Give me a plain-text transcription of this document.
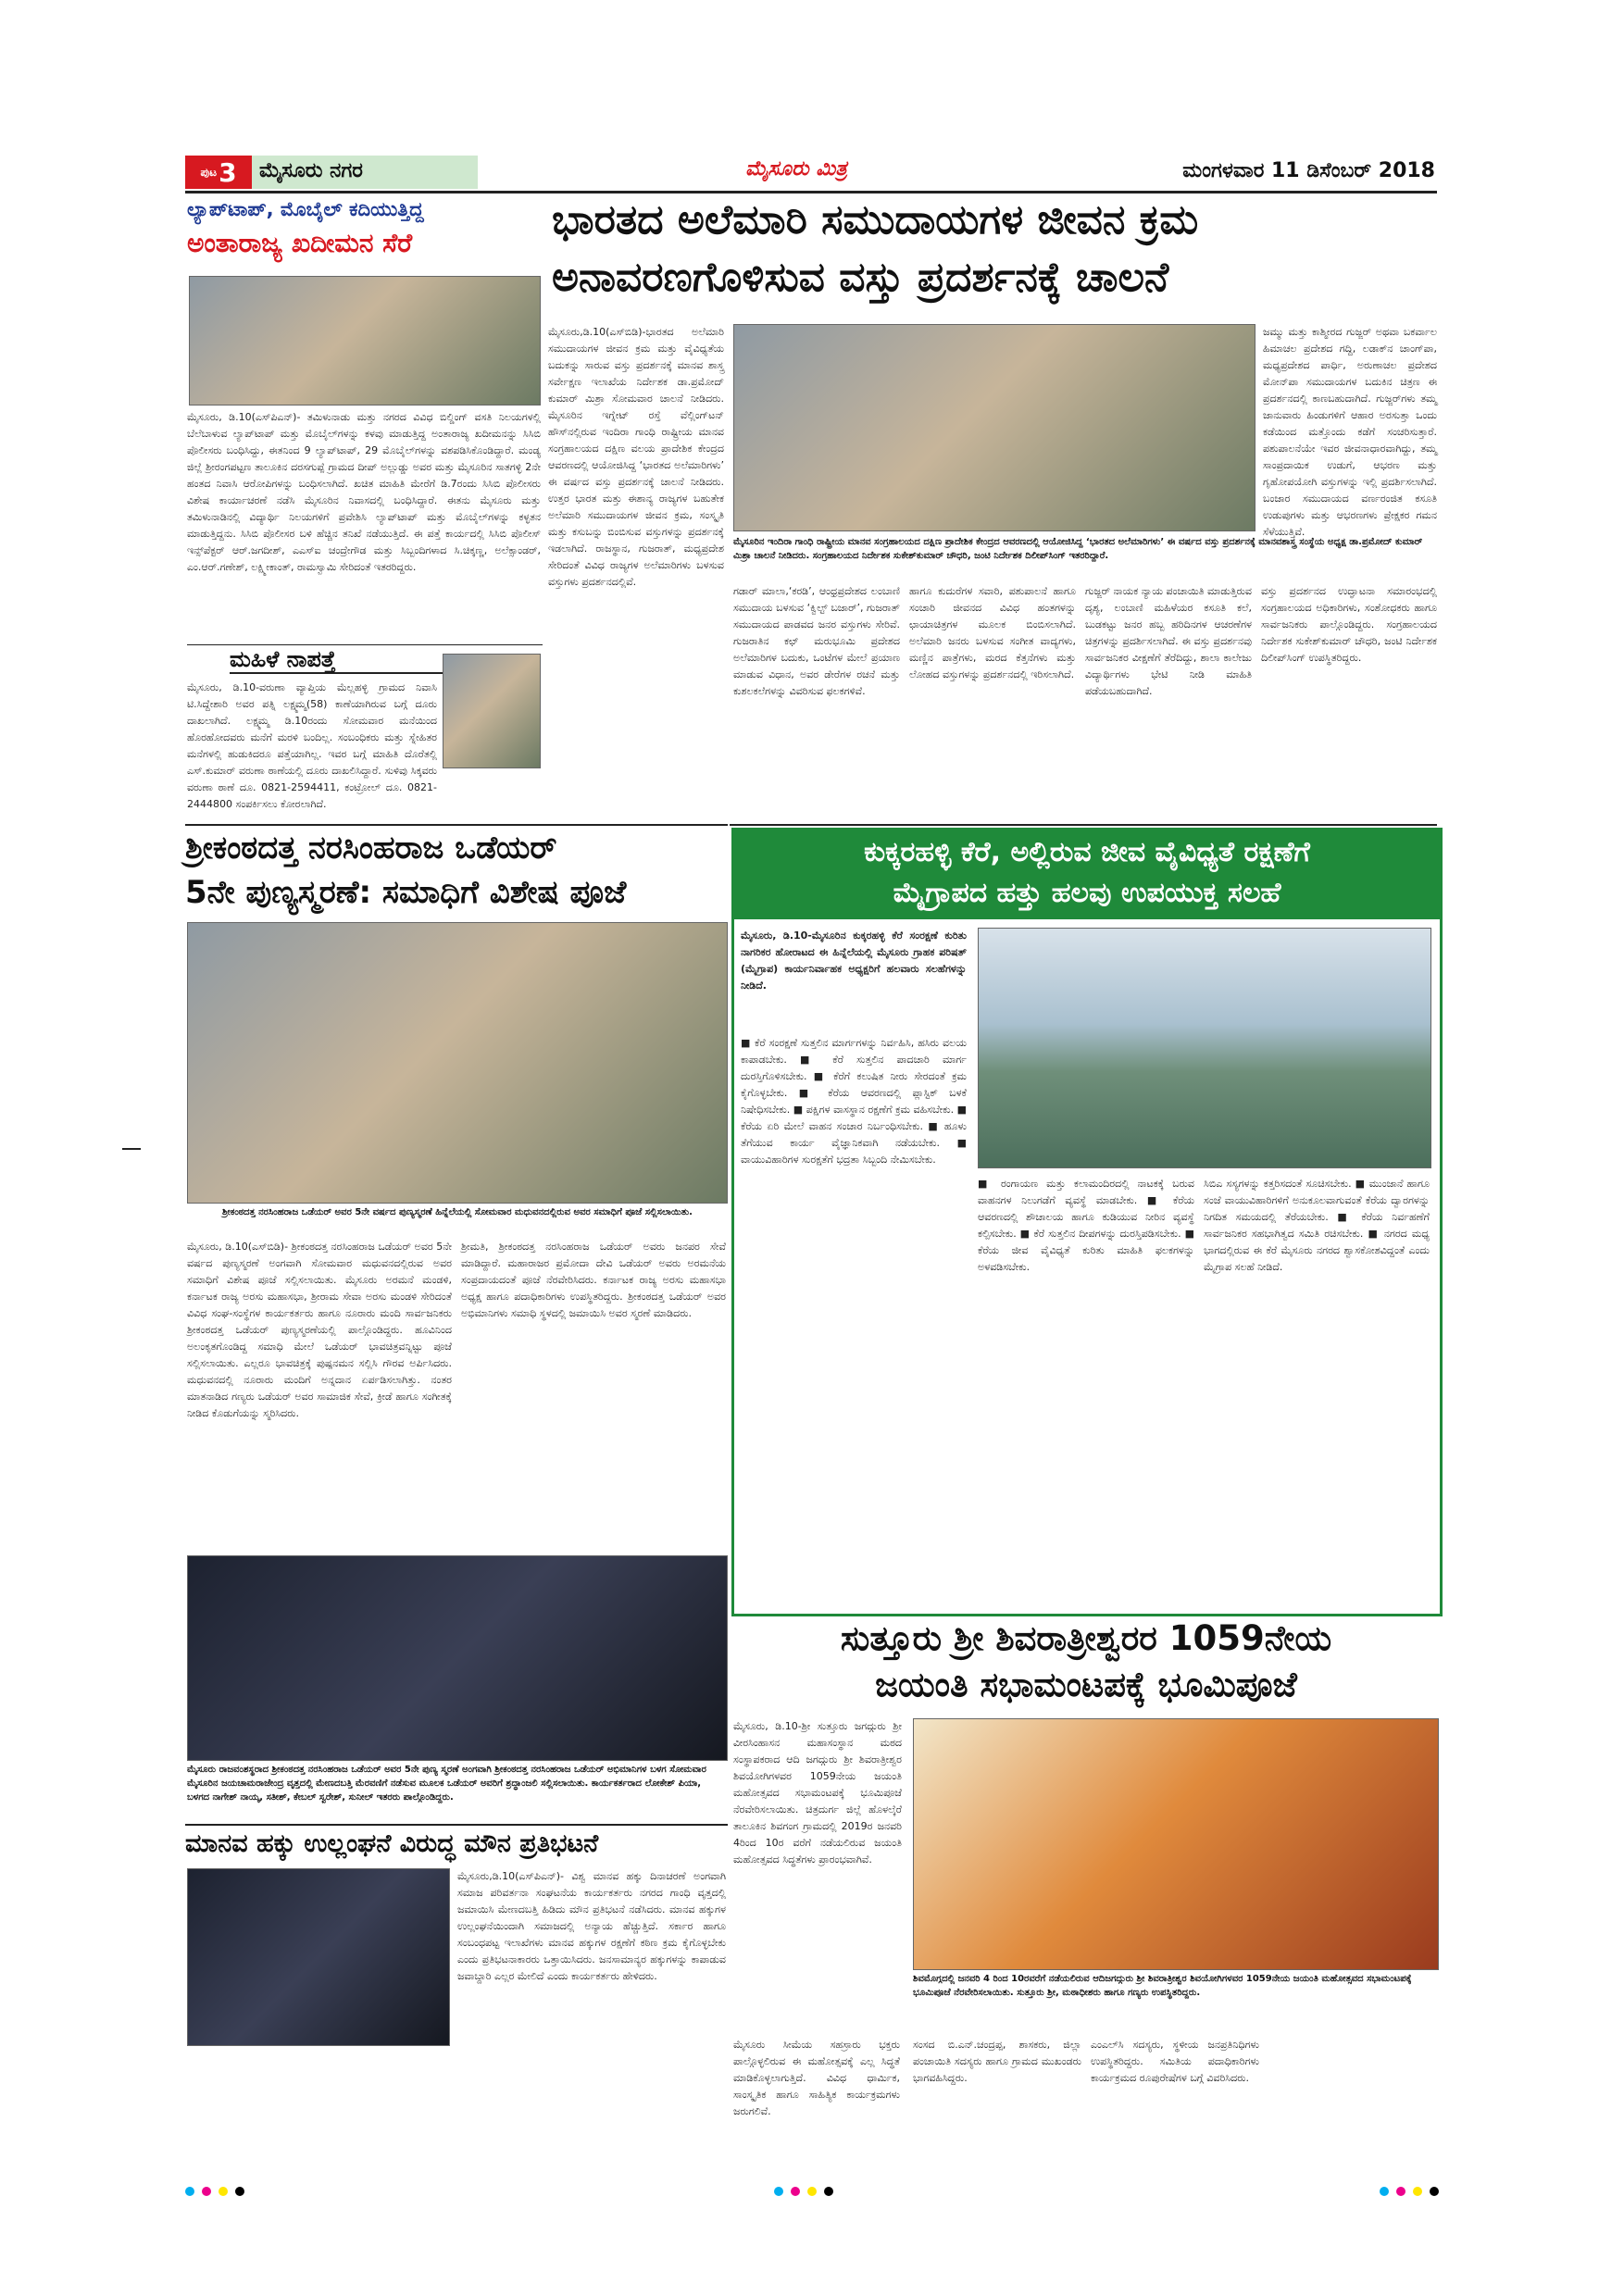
ಪುಟ 3 ಮೈಸೂರು ನಗರ	ಮೈಸೂರು ಮಿತ್ರ	ಮಂಗಳವಾರ 11 ಡಿಸೆಂಬರ್ 2018
ಲ್ಯಾಪ್‌ಟಾಪ್, ಮೊಬೈಲ್ ಕದಿಯುತ್ತಿದ್ದ
ಅಂತಾರಾಜ್ಯ ಖದೀಮನ ಸೆರೆ
ಮೈಸೂರು, ಡಿ.10(ಎಸ್‌ಪಿಎನ್)- ತಮಿಳುನಾಡು ಮತ್ತು ನಗರದ ವಿವಿಧ ಬಿಲ್ಡಿಂಗ್ ವಸತಿ ನಿಲಯಗಳಲ್ಲಿ ಬೆಲೆಬಾಳುವ ಲ್ಯಾಪ್‌ಟಾಪ್ ಮತ್ತು ಮೊಬೈಲ್‌ಗಳನ್ನು ಕಳವು ಮಾಡುತ್ತಿದ್ದ ಅಂತಾರಾಜ್ಯ ಖದೀಮನನ್ನು ಸಿಸಿಬಿ ಪೊಲೀಸರು ಬಂಧಿಸಿದ್ದು, ಈತನಿಂದ 9 ಲ್ಯಾಪ್‌ಟಾಪ್, 29 ಮೊಬೈಲ್‌ಗಳನ್ನು ವಶಪಡಿಸಿಕೊಂಡಿದ್ದಾರೆ. ಮಂಡ್ಯ ಜಿಲ್ಲೆ ಶ್ರೀರಂಗಪಟ್ಟಣ ತಾಲೂಕಿನ ದರಸಗುಪ್ಪೆ ಗ್ರಾಮದ ದೀಪ್ ಅಲ್ಲುಡ್ಡು ಅವರ ಮತ್ತು ಮೈಸೂರಿನ ಸಾತಗಳ್ಳಿ 2ನೇ ಹಂತದ ನಿವಾಸಿ ಆರೋಪಿಗಳನ್ನು ಬಂಧಿಸಲಾಗಿದೆ. ಖಚಿತ ಮಾಹಿತಿ ಮೇರೆಗೆ ಡಿ.7ರಂದು ಸಿಸಿಬಿ ಪೊಲೀಸರು ವಿಶೇಷ ಕಾರ್ಯಾಚರಣೆ ನಡೆಸಿ ಮೈಸೂರಿನ ನಿವಾಸದಲ್ಲಿ ಬಂಧಿಸಿದ್ದಾರೆ. ಈತನು ಮೈಸೂರು ಮತ್ತು ತಮಿಳುನಾಡಿನಲ್ಲಿ ವಿದ್ಯಾರ್ಥಿ ನಿಲಯಗಳಿಗೆ ಪ್ರವೇಶಿಸಿ ಲ್ಯಾಪ್‌ಟಾಪ್ ಮತ್ತು ಮೊಬೈಲ್‌ಗಳನ್ನು ಕಳ್ಳತನ ಮಾಡುತ್ತಿದ್ದನು. ಸಿಸಿಬಿ ಪೊಲೀಸರ ಬಳಿ ಹೆಚ್ಚಿನ ತನಿಖೆ ನಡೆಯುತ್ತಿದೆ. ಈ ಪತ್ತೆ ಕಾರ್ಯದಲ್ಲಿ ಸಿಸಿಬಿ ಪೊಲೀಸ್ ಇನ್ಸ್‌ಪೆಕ್ಟರ್ ಆರ್.ಜಗದೀಶ್, ಎಎಸ್‌ಐ ಚಂದ್ರೇಗೌಡ ಮತ್ತು ಸಿಬ್ಬಂದಿಗಳಾದ ಸಿ.ಚಿಕ್ಕಣ್ಣ, ಅಲೆಕ್ಸಾಂಡರ್, ಎಂ.ಆರ್.ಗಣೇಶ್, ಲಕ್ಷ್ಮೀಕಾಂತ್, ರಾಮಸ್ವಾಮಿ ಸೇರಿದಂತೆ ಇತರರಿದ್ದರು.
ಮಹಿಳೆ ನಾಪತ್ತೆ
ಮೈಸೂರು, ಡಿ.10-ವರುಣಾ ವ್ಯಾಪ್ತಿಯ ಮೆಲ್ಲಹಳ್ಳಿ ಗ್ರಾಮದ ನಿವಾಸಿ ಟಿ.ಸಿದ್ದೇಶಾರಿ ಅವರ ಪತ್ನಿ ಲಕ್ಷ್ಮಮ್ಮ(58) ಕಾಣೆಯಾಗಿರುವ ಬಗ್ಗೆ ದೂರು ದಾಖಲಾಗಿದೆ. ಲಕ್ಷ್ಮಮ್ಮ ಡಿ.10ರಂದು ಸೋಮವಾರ ಮನೆಯಿಂದ ಹೊರಹೋದವರು ಮನೆಗೆ ಮರಳಿ ಬಂದಿಲ್ಲ. ಸಂಬಂಧಿಕರು ಮತ್ತು ಸ್ನೇಹಿತರ ಮನೆಗಳಲ್ಲಿ ಹುಡುಕಿದರೂ ಪತ್ತೆಯಾಗಿಲ್ಲ. ಇವರ ಬಗ್ಗೆ ಮಾಹಿತಿ ದೊರೆತಲ್ಲಿ ಎಸ್.ಕುಮಾರ್ ವರುಣಾ ಠಾಣೆಯಲ್ಲಿ ದೂರು ದಾಖಲಿಸಿದ್ದಾರೆ. ಸುಳಿವು ಸಿಕ್ಕವರು ವರುಣಾ ಠಾಣೆ ದೂ. 0821-2594411, ಕಂಟ್ರೋಲ್ ದೂ. 0821-2444800 ಸಂಪರ್ಕಿಸಲು ಕೋರಲಾಗಿದೆ.
ಭಾರತದ ಅಲೆಮಾರಿ ಸಮುದಾಯಗಳ ಜೀವನ ಕ್ರಮ
ಅನಾವರಣಗೊಳಿಸುವ ವಸ್ತು ಪ್ರದರ್ಶನಕ್ಕೆ ಚಾಲನೆ
ಮೈಸೂರು,ಡಿ.10(ಎಸ್‌ಬಿಡಿ)-ಭಾರತದ ಅಲೆಮಾರಿ ಸಮುದಾಯಗಳ ಜೀವನ ಕ್ರಮ ಮತ್ತು ವೈವಿಧ್ಯತೆಯ ಬದುಕನ್ನು ಸಾರುವ ವಸ್ತು ಪ್ರದರ್ಶನಕ್ಕೆ ಮಾನವ ಶಾಸ್ತ್ರ ಸರ್ವೇಕ್ಷಣ ಇಲಾಖೆಯ ನಿರ್ದೇಶಕ ಡಾ.ಪ್ರಮೋದ್ ಕುಮಾರ್ ಮಿಶ್ರಾ ಸೋಮವಾರ ಚಾಲನೆ ನೀಡಿದರು. ಮೈಸೂರಿನ ಇಗ್ನೇಟ್ ರಸ್ತೆ ವೆಲ್ಲಿಂಗ್‌ಟನ್ ಹೌಸ್‌ನಲ್ಲಿರುವ ಇಂದಿರಾ ಗಾಂಧಿ ರಾಷ್ಟ್ರೀಯ ಮಾನವ ಸಂಗ್ರಹಾಲಯದ ದಕ್ಷಿಣ ವಲಯ ಪ್ರಾದೇಶಿಕ ಕೇಂದ್ರದ ಆವರಣದಲ್ಲಿ ಆಯೋಜಿಸಿದ್ದ ‘ಭಾರತದ ಅಲೆಮಾರಿಗಳು’ ಈ ವರ್ಷದ ವಸ್ತು ಪ್ರದರ್ಶನಕ್ಕೆ ಚಾಲನೆ ನೀಡಿದರು. ಉತ್ತರ ಭಾರತ ಮತ್ತು ಈಶಾನ್ಯ ರಾಜ್ಯಗಳ ಬಹುತೇಕ ಅಲೆಮಾರಿ ಸಮುದಾಯಗಳ ಜೀವನ ಕ್ರಮ, ಸಂಸ್ಕೃತಿ ಮತ್ತು ಕಸುಬನ್ನು ಬಿಂಬಿಸುವ ವಸ್ತುಗಳನ್ನು ಪ್ರದರ್ಶನಕ್ಕೆ ಇಡಲಾಗಿದೆ. ರಾಜಸ್ಥಾನ, ಗುಜರಾತ್, ಮಧ್ಯಪ್ರದೇಶ ಸೇರಿದಂತೆ ವಿವಿಧ ರಾಜ್ಯಗಳ ಅಲೆಮಾರಿಗಳು ಬಳಸುವ ವಸ್ತುಗಳು ಪ್ರದರ್ಶನದಲ್ಲಿವೆ.
ಜಮ್ಮು ಮತ್ತು ಕಾಶ್ಮೀರದ ಗುಜ್ಜರ್ ಅಥವಾ ಬಕರ್ವಾಲ ಹಿಮಾಚಲ ಪ್ರದೇಶದ ಗದ್ದಿ, ಲಡಾಕ್‌ನ ಚಾಂಗ್‌ಪಾ, ಮಧ್ಯಪ್ರದೇಶದ ಪಾರ್ಧಿ, ಅರುಣಾಚಲ ಪ್ರದೇಶದ ಮೋನ್‌ಪಾ ಸಮುದಾಯಗಳ ಬದುಕಿನ ಚಿತ್ರಣ ಈ ಪ್ರದರ್ಶನದಲ್ಲಿ ಕಾಣಬಹುದಾಗಿದೆ. ಗುಜ್ಜರ್‌ಗಳು ತಮ್ಮ ಜಾನುವಾರು ಹಿಂಡುಗಳಿಗೆ ಆಹಾರ ಅರಸುತ್ತಾ ಒಂದು ಕಡೆಯಿಂದ ಮತ್ತೊಂದು ಕಡೆಗೆ ಸಂಚರಿಸುತ್ತಾರೆ. ಪಶುಪಾಲನೆಯೇ ಇವರ ಜೀವನಾಧಾರವಾಗಿದ್ದು, ತಮ್ಮ ಸಾಂಪ್ರದಾಯಿಕ ಉಡುಗೆ, ಆಭರಣ ಮತ್ತು ಗೃಹೋಪಯೋಗಿ ವಸ್ತುಗಳನ್ನು ಇಲ್ಲಿ ಪ್ರದರ್ಶಿಸಲಾಗಿದೆ. ಬಂಜಾರ ಸಮುದಾಯದ ವರ್ಣರಂಜಿತ ಕಸೂತಿ ಉಡುಪುಗಳು ಮತ್ತು ಆಭರಣಗಳು ಪ್ರೇಕ್ಷಕರ ಗಮನ ಸೆಳೆಯುತ್ತಿವೆ.
ಮೈಸೂರಿನ ಇಂದಿರಾ ಗಾಂಧಿ ರಾಷ್ಟ್ರೀಯ ಮಾನವ ಸಂಗ್ರಹಾಲಯದ ದಕ್ಷಿಣ ಪ್ರಾದೇಶಿಕ ಕೇಂದ್ರದ ಆವರಣದಲ್ಲಿ ಆಯೋಜಿಸಿದ್ದ ‘ಭಾರತದ ಅಲೆಮಾರಿಗಳು’ ಈ ವರ್ಷದ ವಸ್ತು ಪ್ರದರ್ಶನಕ್ಕೆ ಮಾನವಶಾಸ್ತ್ರ ಸಂಸ್ಥೆಯ ಅಧ್ಯಕ್ಷ ಡಾ.ಪ್ರಮೋದ್ ಕುಮಾರ್ ಮಿಶ್ರಾ ಚಾಲನೆ ನೀಡಿದರು. ಸಂಗ್ರಹಾಲಯದ ನಿರ್ದೇಶಕ ಸುಕೇಶ್‌ಕುಮಾರ್ ಚೌಧರಿ, ಜಂಟಿ ನಿರ್ದೇಶಕ ದಿಲೀಪ್‌ಸಿಂಗ್ ಇತರರಿದ್ದಾರೆ.
ಗಡಾರ್ ಮಾಲಾ,‘ಕರಡಿ’, ಆಂಧ್ರಪ್ರದೇಶದ ಲಂಬಾಣಿ ಸಮುದಾಯ ಬಳಸುವ ‘ಕ್ವಿಲ್ಟ್ ಬಜಾರ್’, ಗುಜರಾತ್ ಸಮುದಾಯದ ಪಾಡವದ ಜನರ ವಸ್ತುಗಳು ಸೇರಿವೆ. ಗುಜರಾತಿನ ಕಛ್ ಮರುಭೂಮಿ ಪ್ರದೇಶದ ಅಲೆಮಾರಿಗಳ ಬದುಕು, ಒಂಟೆಗಳ ಮೇಲೆ ಪ್ರಯಾಣ ಮಾಡುವ ವಿಧಾನ, ಅವರ ಡೇರೆಗಳ ರಚನೆ ಮತ್ತು ಕುಶಲಕಲೆಗಳನ್ನು ವಿವರಿಸುವ ಫಲಕಗಳಿವೆ.
ಹಾಗೂ ಕುದುರೆಗಳ ಸವಾರಿ, ಪಶುಪಾಲನೆ ಹಾಗೂ ಸಂಚಾರಿ ಜೀವನದ ವಿವಿಧ ಹಂತಗಳನ್ನು ಛಾಯಾಚಿತ್ರಗಳ ಮೂಲಕ ಬಿಂಬಿಸಲಾಗಿದೆ. ಅಲೆಮಾರಿ ಜನರು ಬಳಸುವ ಸಂಗೀತ ವಾದ್ಯಗಳು, ಮಣ್ಣಿನ ಪಾತ್ರೆಗಳು, ಮರದ ಕೆತ್ತನೆಗಳು ಮತ್ತು ಲೋಹದ ವಸ್ತುಗಳನ್ನು ಪ್ರದರ್ಶನದಲ್ಲಿ ಇರಿಸಲಾಗಿದೆ.
ಗುಜ್ಜರ್ ನಾಯಕ ನ್ಯಾಯ ಪಂಚಾಯಿತಿ ಮಾಡುತ್ತಿರುವ ದೃಶ್ಯ, ಲಂಬಾಣಿ ಮಹಿಳೆಯರ ಕಸೂತಿ ಕಲೆ, ಬುಡಕಟ್ಟು ಜನರ ಹಬ್ಬ ಹರಿದಿನಗಳ ಆಚರಣೆಗಳ ಚಿತ್ರಗಳನ್ನು ಪ್ರದರ್ಶಿಸಲಾಗಿದೆ. ಈ ವಸ್ತು ಪ್ರದರ್ಶನವು ಸಾರ್ವಜನಿಕರ ವೀಕ್ಷಣೆಗೆ ತೆರೆದಿದ್ದು, ಶಾಲಾ ಕಾಲೇಜು ವಿದ್ಯಾರ್ಥಿಗಳು ಭೇಟಿ ನೀಡಿ ಮಾಹಿತಿ ಪಡೆಯಬಹುದಾಗಿದೆ.
ವಸ್ತು ಪ್ರದರ್ಶನದ ಉದ್ಘಾಟನಾ ಸಮಾರಂಭದಲ್ಲಿ ಸಂಗ್ರಹಾಲಯದ ಅಧಿಕಾರಿಗಳು, ಸಂಶೋಧಕರು ಹಾಗೂ ಸಾರ್ವಜನಿಕರು ಪಾಲ್ಗೊಂಡಿದ್ದರು. ಸಂಗ್ರಹಾಲಯದ ನಿರ್ದೇಶಕ ಸುಕೇಶ್‌ಕುಮಾರ್ ಚೌಧರಿ, ಜಂಟಿ ನಿರ್ದೇಶಕ ದಿಲೀಪ್‌ಸಿಂಗ್ ಉಪಸ್ಥಿತರಿದ್ದರು.
ಶ್ರೀಕಂಠದತ್ತ ನರಸಿಂಹರಾಜ ಒಡೆಯರ್
5ನೇ ಪುಣ್ಯಸ್ಮರಣೆ: ಸಮಾಧಿಗೆ ವಿಶೇಷ ಪೂಜೆ
ಶ್ರೀಕಂಠದತ್ತ ನರಸಿಂಹರಾಜ ಒಡೆಯರ್ ಅವರ 5ನೇ ವರ್ಷದ ಪುಣ್ಯಸ್ಮರಣೆ ಹಿನ್ನೆಲೆಯಲ್ಲಿ ಸೋಮವಾರ ಮಧುವನದಲ್ಲಿರುವ ಅವರ ಸಮಾಧಿಗೆ ಪೂಜೆ ಸಲ್ಲಿಸಲಾಯಿತು.
ಮೈಸೂರು, ಡಿ.10(ಎಸ್‌ಬಿಡಿ)- ಶ್ರೀಕಂಠದತ್ತ ನರಸಿಂಹರಾಜ ಒಡೆಯರ್ ಅವರ 5ನೇ ವರ್ಷದ ಪುಣ್ಯಸ್ಮರಣೆ ಅಂಗವಾಗಿ ಸೋಮವಾರ ಮಧುವನದಲ್ಲಿರುವ ಅವರ ಸಮಾಧಿಗೆ ವಿಶೇಷ ಪೂಜೆ ಸಲ್ಲಿಸಲಾಯಿತು. ಮೈಸೂರು ಅರಮನೆ ಮಂಡಳಿ, ಕರ್ನಾಟಕ ರಾಜ್ಯ ಅರಸು ಮಹಾಸಭಾ, ಶ್ರೀರಾಮ ಸೇವಾ ಅರಸು ಮಂಡಳಿ ಸೇರಿದಂತೆ ವಿವಿಧ ಸಂಘ-ಸಂಸ್ಥೆಗಳ ಕಾರ್ಯಕರ್ತರು ಹಾಗೂ ನೂರಾರು ಮಂದಿ ಸಾರ್ವಜನಿಕರು ಶ್ರೀಕಂಠದತ್ತ ಒಡೆಯರ್ ಪುಣ್ಯಸ್ಮರಣೆಯಲ್ಲಿ ಪಾಲ್ಗೊಂಡಿದ್ದರು. ಹೂವಿನಿಂದ ಅಲಂಕೃತಗೊಂಡಿದ್ದ ಸಮಾಧಿ ಮೇಲೆ ಒಡೆಯರ್ ಭಾವಚಿತ್ರವನ್ನಿಟ್ಟು ಪೂಜೆ ಸಲ್ಲಿಸಲಾಯಿತು. ಎಲ್ಲರೂ ಭಾವಚಿತ್ರಕ್ಕೆ ಪುಷ್ಪನಮನ ಸಲ್ಲಿಸಿ ಗೌರವ ಅರ್ಪಿಸಿದರು. ಮಧುವನದಲ್ಲಿ ನೂರಾರು ಮಂದಿಗೆ ಅನ್ನದಾನ ಏರ್ಪಡಿಸಲಾಗಿತ್ತು. ನಂತರ ಮಾತನಾಡಿದ ಗಣ್ಯರು ಒಡೆಯರ್ ಅವರ ಸಾಮಾಜಿಕ ಸೇವೆ, ಕ್ರೀಡೆ ಹಾಗೂ ಸಂಗೀತಕ್ಕೆ ನೀಡಿದ ಕೊಡುಗೆಯನ್ನು ಸ್ಮರಿಸಿದರು.
ಶ್ರೀಮತಿ, ಶ್ರೀಕಂಠದತ್ತ ನರಸಿಂಹರಾಜ ಒಡೆಯರ್ ಅವರು ಜನಪರ ಸೇವೆ ಮಾಡಿದ್ದಾರೆ. ಮಹಾರಾಜರ ಪ್ರಮೋದಾ ದೇವಿ ಒಡೆಯರ್ ಅವರು ಅರಮನೆಯ ಸಂಪ್ರದಾಯದಂತೆ ಪೂಜೆ ನೆರವೇರಿಸಿದರು. ಕರ್ನಾಟಕ ರಾಜ್ಯ ಅರಸು ಮಹಾಸಭಾ ಅಧ್ಯಕ್ಷ ಹಾಗೂ ಪದಾಧಿಕಾರಿಗಳು ಉಪಸ್ಥಿತರಿದ್ದರು. ಶ್ರೀಕಂಠದತ್ತ ಒಡೆಯರ್ ಅವರ ಅಭಿಮಾನಿಗಳು ಸಮಾಧಿ ಸ್ಥಳದಲ್ಲಿ ಜಮಾಯಿಸಿ ಅವರ ಸ್ಮರಣೆ ಮಾಡಿದರು.
ಮೈಸೂರು ರಾಜವಂಶಸ್ಥರಾದ ಶ್ರೀಕಂಠದತ್ತ ನರಸಿಂಹರಾಜ ಒಡೆಯರ್ ಅವರ 5ನೇ ಪುಣ್ಯ ಸ್ಮರಣೆ ಅಂಗವಾಗಿ ಶ್ರೀಕಂಠದತ್ತ ನರಸಿಂಹರಾಜ ಒಡೆಯರ್ ಅಭಿಮಾನಿಗಳ ಬಳಗ ಸೋಮವಾರ ಮೈಸೂರಿನ ಜಯಚಾಮರಾಜೇಂದ್ರ ವೃತ್ತದಲ್ಲಿ ಮೇಣದಬತ್ತಿ ಮೆರವಣಿಗೆ ನಡೆಸುವ ಮೂಲಕ ಒಡೆಯರ್ ಅವರಿಗೆ ಶ್ರದ್ಧಾಂಜಲಿ ಸಲ್ಲಿಸಲಾಯಿತು. ಕಾರ್ಯಕರ್ತರಾದ ಲೋಕೇಶ್ ಪಿಯಾ, ಬಳಗದ ನಾಗೇಶ್ ನಾಯ್ಕ, ಸತೀಶ್, ಕೇಬಲ್ ಸ್ವರೇಶ್, ಸುನೀಲ್ ಇತರರು ಪಾಲ್ಗೊಂಡಿದ್ದರು.
ಮಾನವ ಹಕ್ಕು ಉಲ್ಲಂಘನೆ ವಿರುದ್ಧ ಮೌನ ಪ್ರತಿಭಟನೆ
ಮೈಸೂರು,ಡಿ.10(ಎಸ್‌ಪಿಎನ್)- ವಿಶ್ವ ಮಾನವ ಹಕ್ಕು ದಿನಾಚರಣೆ ಅಂಗವಾಗಿ ಸಮಾಜ ಪರಿವರ್ತನಾ ಸಂಘಟನೆಯ ಕಾರ್ಯಕರ್ತರು ನಗರದ ಗಾಂಧಿ ವೃತ್ತದಲ್ಲಿ ಜಮಾಯಿಸಿ ಮೇಣದಬತ್ತಿ ಹಿಡಿದು ಮೌನ ಪ್ರತಿಭಟನೆ ನಡೆಸಿದರು. ಮಾನವ ಹಕ್ಕುಗಳ ಉಲ್ಲಂಘನೆಯಿಂದಾಗಿ ಸಮಾಜದಲ್ಲಿ ಅನ್ಯಾಯ ಹೆಚ್ಚುತ್ತಿದೆ. ಸರ್ಕಾರ ಹಾಗೂ ಸಂಬಂಧಪಟ್ಟ ಇಲಾಖೆಗಳು ಮಾನವ ಹಕ್ಕುಗಳ ರಕ್ಷಣೆಗೆ ಕಠಿಣ ಕ್ರಮ ಕೈಗೊಳ್ಳಬೇಕು ಎಂದು ಪ್ರತಿಭಟನಾಕಾರರು ಒತ್ತಾಯಿಸಿದರು. ಜನಸಾಮಾನ್ಯರ ಹಕ್ಕುಗಳನ್ನು ಕಾಪಾಡುವ ಜವಾಬ್ದಾರಿ ಎಲ್ಲರ ಮೇಲಿದೆ ಎಂದು ಕಾರ್ಯಕರ್ತರು ಹೇಳಿದರು.
ಕುಕ್ಕರಹಳ್ಳಿ ಕೆರೆ, ಅಲ್ಲಿರುವ ಜೀವ ವೈವಿಧ್ಯತೆ ರಕ್ಷಣೆಗೆ
ಮೈಗ್ರಾಪದ ಹತ್ತು ಹಲವು ಉಪಯುಕ್ತ ಸಲಹೆ
ಮೈಸೂರು, ಡಿ.10-ಮೈಸೂರಿನ ಕುಕ್ಕರಹಳ್ಳಿ ಕೆರೆ ಸಂರಕ್ಷಣೆ ಕುರಿತು ನಾಗರಿಕರ ಹೋರಾಟದ ಈ ಹಿನ್ನೆಲೆಯಲ್ಲಿ ಮೈಸೂರು ಗ್ರಾಹಕ ಪರಿಷತ್ (ಮೈಗ್ರಾಪ) ಕಾರ್ಯನಿರ್ವಾಹಕ ಅಧ್ಯಕ್ಷರಿಗೆ ಹಲವಾರು ಸಲಹೆಗಳನ್ನು ನೀಡಿದೆ.
■ ಕೆರೆ ಸಂರಕ್ಷಣೆ ಸುತ್ತಲಿನ ಮಾರ್ಗಗಳನ್ನು ನಿರ್ವಹಿಸಿ, ಹಸಿರು ವಲಯ ಕಾಪಾಡಬೇಕು. ■ ಕೆರೆ ಸುತ್ತಲಿನ ಪಾದಚಾರಿ ಮಾರ್ಗ ದುರಸ್ತಿಗೊಳಿಸಬೇಕು. ■ ಕೆರೆಗೆ ಕಲುಷಿತ ನೀರು ಸೇರದಂತೆ ಕ್ರಮ ಕೈಗೊಳ್ಳಬೇಕು. ■ ಕೆರೆಯ ಆವರಣದಲ್ಲಿ ಪ್ಲಾಸ್ಟಿಕ್ ಬಳಕೆ ನಿಷೇಧಿಸಬೇಕು. ■ ಪಕ್ಷಿಗಳ ವಾಸಸ್ಥಾನ ರಕ್ಷಣೆಗೆ ಕ್ರಮ ವಹಿಸಬೇಕು. ■ ಕೆರೆಯ ಏರಿ ಮೇಲೆ ವಾಹನ ಸಂಚಾರ ನಿರ್ಬಂಧಿಸಬೇಕು. ■ ಹೂಳು ತೆಗೆಯುವ ಕಾರ್ಯ ವೈಜ್ಞಾನಿಕವಾಗಿ ನಡೆಯಬೇಕು. ■ ವಾಯುವಿಹಾರಿಗಳ ಸುರಕ್ಷತೆಗೆ ಭದ್ರತಾ ಸಿಬ್ಬಂದಿ ನೇಮಿಸಬೇಕು.
■ ರಂಗಾಯಣ ಮತ್ತು ಕಲಾಮಂದಿರದಲ್ಲಿ ನಾಟಕಕ್ಕೆ ಬರುವ ವಾಹನಗಳ ನಿಲುಗಡೆಗೆ ವ್ಯವಸ್ಥೆ ಮಾಡಬೇಕು. ■ ಕೆರೆಯ ಆವರಣದಲ್ಲಿ ಶೌಚಾಲಯ ಹಾಗೂ ಕುಡಿಯುವ ನೀರಿನ ವ್ಯವಸ್ಥೆ ಕಲ್ಪಿಸಬೇಕು. ■ ಕೆರೆ ಸುತ್ತಲಿನ ದೀಪಗಳನ್ನು ದುರಸ್ತಿಪಡಿಸಬೇಕು. ■ ಕೆರೆಯ ಜೀವ ವೈವಿಧ್ಯತೆ ಕುರಿತು ಮಾಹಿತಿ ಫಲಕಗಳನ್ನು ಅಳವಡಿಸಬೇಕು.
ಸಿಬಿಎ ಸಸ್ಯಗಳನ್ನು ಕತ್ತರಿಸದಂತೆ ಸೂಚಿಸಬೇಕು. ■ ಮುಂಜಾನೆ ಹಾಗೂ ಸಂಜೆ ವಾಯುವಿಹಾರಿಗಳಿಗೆ ಅನುಕೂಲವಾಗುವಂತೆ ಕೆರೆಯ ದ್ವಾರಗಳನ್ನು ನಿಗದಿತ ಸಮಯದಲ್ಲಿ ತೆರೆಯಬೇಕು. ■ ಕೆರೆಯ ನಿರ್ವಹಣೆಗೆ ಸಾರ್ವಜನಿಕರ ಸಹಭಾಗಿತ್ವದ ಸಮಿತಿ ರಚಿಸಬೇಕು. ■ ನಗರದ ಮಧ್ಯ ಭಾಗದಲ್ಲಿರುವ ಈ ಕೆರೆ ಮೈಸೂರು ನಗರದ ಶ್ವಾಸಕೋಶವಿದ್ದಂತೆ ಎಂದು ಮೈಗ್ರಾಪ ಸಲಹೆ ನೀಡಿದೆ.
ಸುತ್ತೂರು ಶ್ರೀ ಶಿವರಾತ್ರೀಶ್ವರರ 1059ನೇಯ
ಜಯಂತಿ ಸಭಾಮಂಟಪಕ್ಕೆ ಭೂಮಿಪೂಜೆ
ಮೈಸೂರು, ಡಿ.10-ಶ್ರೀ ಸುತ್ತೂರು ಜಗದ್ಗುರು ಶ್ರೀ ವೀರಸಿಂಹಾಸನ ಮಹಾಸಂಸ್ಥಾನ ಮಠದ ಸಂಸ್ಥಾಪಕರಾದ ಆದಿ ಜಗದ್ಗುರು ಶ್ರೀ ಶಿವರಾತ್ರೀಶ್ವರ ಶಿವಯೋಗಿಗಳವರ 1059ನೇಯ ಜಯಂತಿ ಮಹೋತ್ಸವದ ಸಭಾಮಂಟಪಕ್ಕೆ ಭೂಮಿಪೂಜೆ ನೆರವೇರಿಸಲಾಯಿತು. ಚಿತ್ರದುರ್ಗ ಜಿಲ್ಲೆ ಹೊಳಲ್ಕೆರೆ ತಾಲೂಕಿನ ಶಿವಗಂಗ ಗ್ರಾಮದಲ್ಲಿ 2019ರ ಜನವರಿ 4ರಿಂದ 10ರ ವರೆಗೆ ನಡೆಯಲಿರುವ ಜಯಂತಿ ಮಹೋತ್ಸವದ ಸಿದ್ಧತೆಗಳು ಪ್ರಾರಂಭವಾಗಿವೆ.
ಶಿವಮೊಗ್ಗದಲ್ಲಿ ಜನವರಿ 4 ರಿಂದ 10ರವರೆಗೆ ನಡೆಯಲಿರುವ ಆದಿಜಗದ್ಗುರು ಶ್ರೀ ಶಿವರಾತ್ರೀಶ್ವರ ಶಿವಯೋಗಿಗಳವರ 1059ನೇಯ ಜಯಂತಿ ಮಹೋತ್ಸವದ ಸಭಾಮಂಟಪಕ್ಕೆ ಭೂಮಿಪೂಜೆ ನೆರವೇರಿಸಲಾಯಿತು. ಸುತ್ತೂರು ಶ್ರೀ, ಮಠಾಧೀಶರು ಹಾಗೂ ಗಣ್ಯರು ಉಪಸ್ಥಿತರಿದ್ದರು.
ಮೈಸೂರು ಸೀಮೆಯ ಸಹಸ್ರಾರು ಭಕ್ತರು ಪಾಲ್ಗೊಳ್ಳಲಿರುವ ಈ ಮಹೋತ್ಸವಕ್ಕೆ ಎಲ್ಲ ಸಿದ್ಧತೆ ಮಾಡಿಕೊಳ್ಳಲಾಗುತ್ತಿದೆ. ವಿವಿಧ ಧಾರ್ಮಿಕ, ಸಾಂಸ್ಕೃತಿಕ ಹಾಗೂ ಸಾಹಿತ್ಯಿಕ ಕಾರ್ಯಕ್ರಮಗಳು ಜರುಗಲಿವೆ.
ಸಂಸದ ಬಿ.ಎನ್.ಚಂದ್ರಪ್ಪ, ಶಾಸಕರು, ಜಿಲ್ಲಾ ಪಂಚಾಯಿತಿ ಸದಸ್ಯರು ಹಾಗೂ ಗ್ರಾಮದ ಮುಖಂಡರು ಭಾಗವಹಿಸಿದ್ದರು.
ಎಂಎಲ್‌ಸಿ ಸದಸ್ಯರು, ಸ್ಥಳೀಯ ಜನಪ್ರತಿನಿಧಿಗಳು ಉಪಸ್ಥಿತರಿದ್ದರು. ಸಮಿತಿಯ ಪದಾಧಿಕಾರಿಗಳು ಕಾರ್ಯಕ್ರಮದ ರೂಪುರೇಷೆಗಳ ಬಗ್ಗೆ ವಿವರಿಸಿದರು.
